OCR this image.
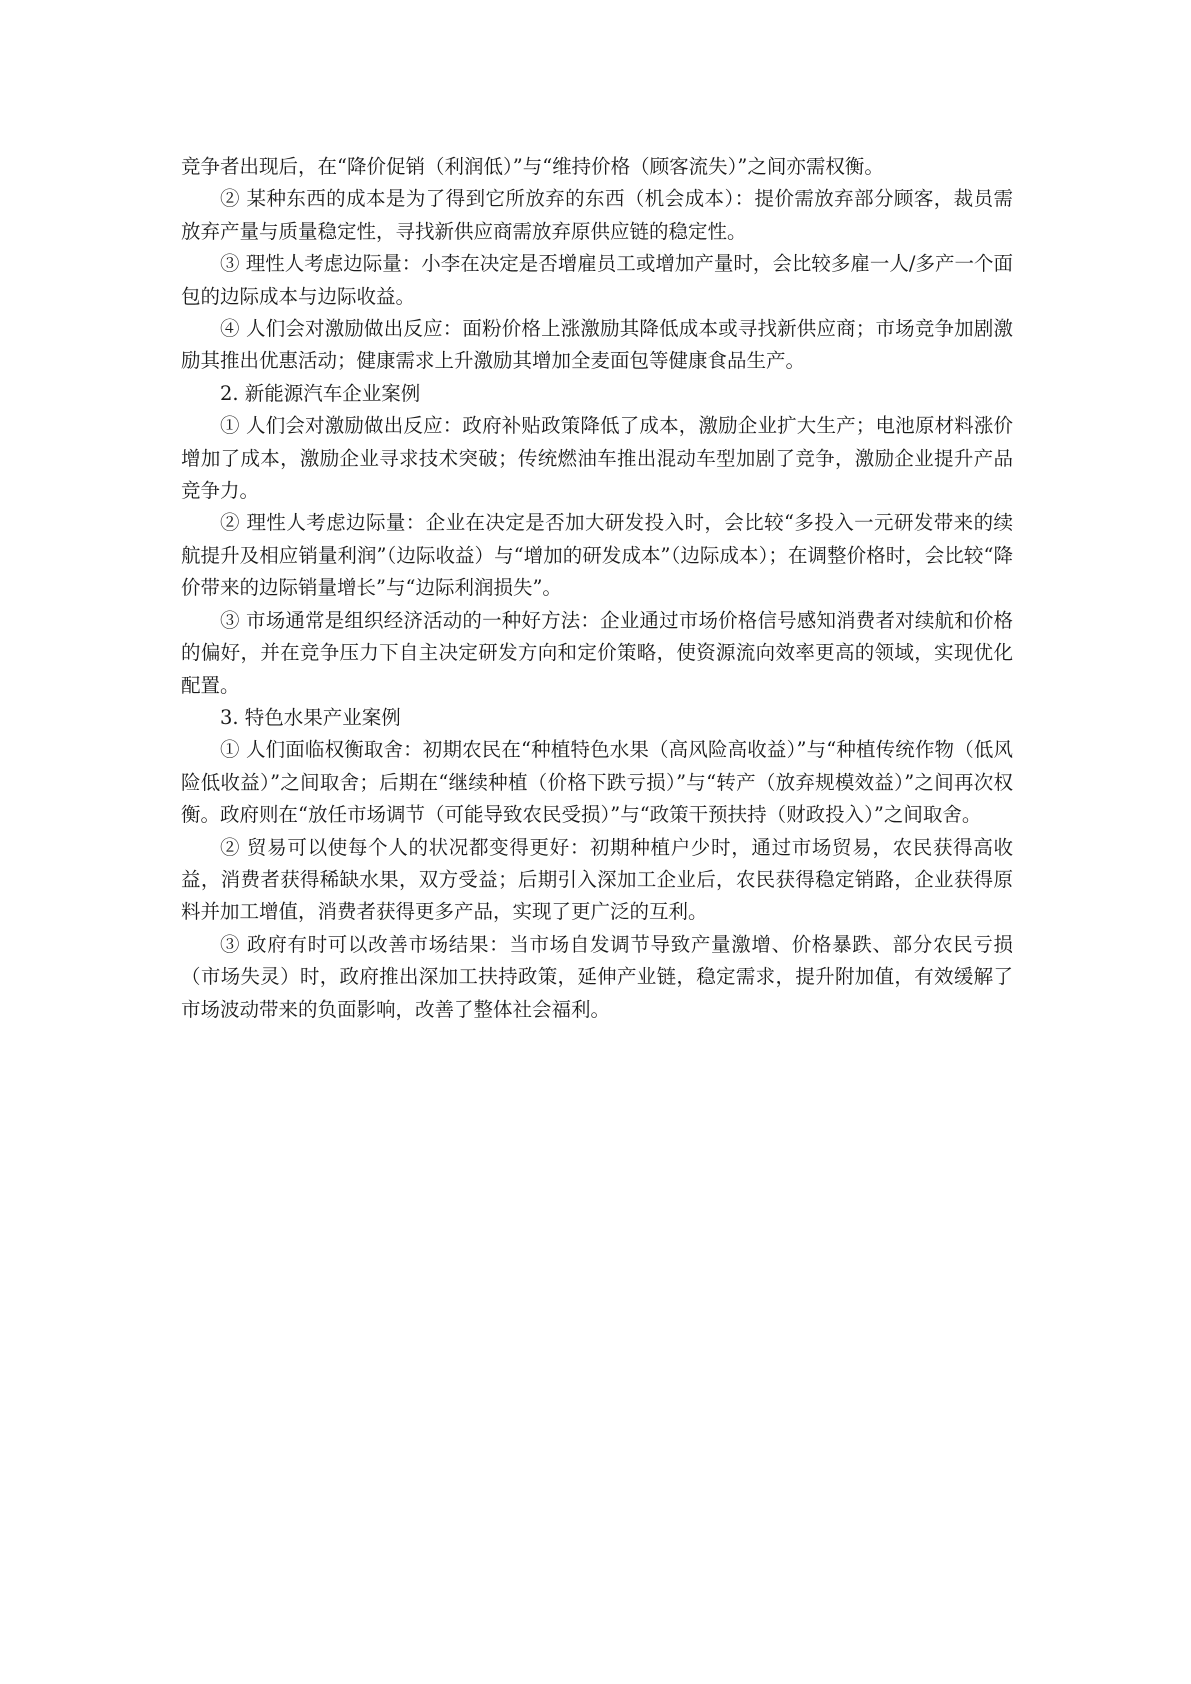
竞争者出现后，在“降价促销（利润低）”与“维持价格（顾客流失）”之间亦需权衡。

② 某种东西的成本是为了得到它所放弃的东西（机会成本）：提价需放弃部分顾客，裁员需放弃产量与质量稳定性，寻找新供应商需放弃原供应链的稳定性。

③ 理性人考虑边际量：小李在决定是否增雇员工或增加产量时，会比较多雇一人/多产一个面包的边际成本与边际收益。

④ 人们会对激励做出反应：面粉价格上涨激励其降低成本或寻找新供应商；市场竞争加剧激励其推出优惠活动；健康需求上升激励其增加全麦面包等健康食品生产。

2. 新能源汽车企业案例

① 人们会对激励做出反应：政府补贴政策降低了成本，激励企业扩大生产；电池原材料涨价增加了成本，激励企业寻求技术突破；传统燃油车推出混动车型加剧了竞争，激励企业提升产品竞争力。

② 理性人考虑边际量：企业在决定是否加大研发投入时，会比较“多投入一元研发带来的续航提升及相应销量利润”（边际收益）与“增加的研发成本”（边际成本）；在调整价格时，会比较“降价带来的边际销量增长”与“边际利润损失”。

③ 市场通常是组织经济活动的一种好方法：企业通过市场价格信号感知消费者对续航和价格的偏好，并在竞争压力下自主决定研发方向和定价策略，使资源流向效率更高的领域，实现优化配置。

3. 特色水果产业案例

① 人们面临权衡取舍：初期农民在“种植特色水果（高风险高收益）”与“种植传统作物（低风险低收益）”之间取舍；后期在“继续种植（价格下跌亏损）”与“转产（放弃规模效益）”之间再次权衡。政府则在“放任市场调节（可能导致农民受损）”与“政策干预扶持（财政投入）”之间取舍。

② 贸易可以使每个人的状况都变得更好：初期种植户少时，通过市场贸易，农民获得高收益，消费者获得稀缺水果，双方受益；后期引入深加工企业后，农民获得稳定销路，企业获得原料并加工增值，消费者获得更多产品，实现了更广泛的互利。

③ 政府有时可以改善市场结果：当市场自发调节导致产量激增、价格暴跌、部分农民亏损（市场失灵）时，政府推出深加工扶持政策，延伸产业链，稳定需求，提升附加值，有效缓解了市场波动带来的负面影响，改善了整体社会福利。
